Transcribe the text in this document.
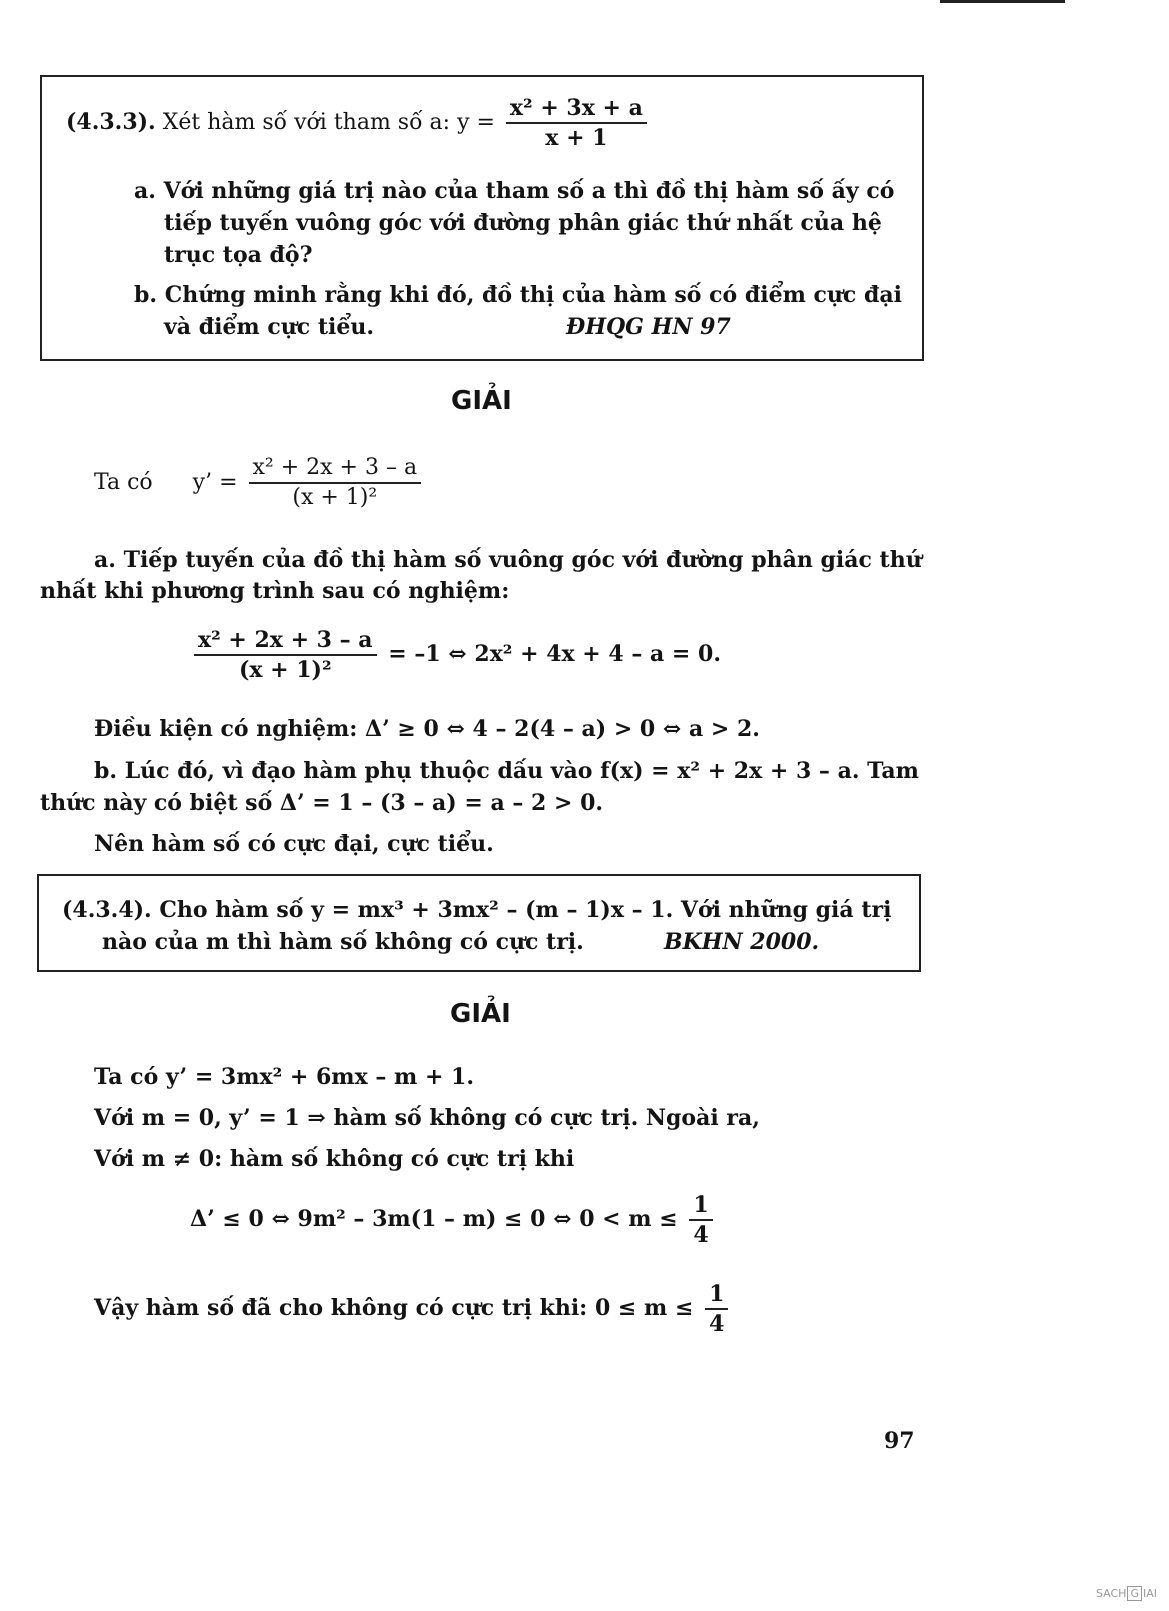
(4.3.3). Xét hàm số với tham số a: $y = \frac{\text{x² + 3x + a}}{x + 1}$
a. Với những giá trị nào của tham số a thì đồ thị hàm số ấy có
tiếp tuyến vuông góc với đường phân giác thứ nhất của hệ
trục tọa độ?
b. Chứng minh rằng khi đó, đồ thị của hàm số có điểm cực đại
và điểm cực tiểu.	ĐHQG HN 97
GIẢI
Ta có y’ = $\frac{\text{x² + 2x + 3 – a}}{\text{(x + 1)²}}$
a. Tiếp tuyến của đồ thị hàm số vuông góc với đường phân giác thứ
nhất khi phương trình sau có nghiệm:
$\frac{\text{x² + 2x + 3 – a}}{\text{(x + 1)²}} = -1$ ⇔ 2x² + 4x + 4 – a = 0.
Điều kiện có nghiệm: Δ’ ≥ 0 ⇔ 4 – 2(4 – a) > 0 ⇔ a > 2.
b. Lúc đó, vì đạo hàm phụ thuộc dấu vào f(x) = x² + 2x + 3 – a. Tam
thức này có biệt số Δ’ = 1 – (3 – a) = a – 2 > 0.
Nên hàm số có cực đại, cực tiểu.
(4.3.4). Cho hàm số y = mx³ + 3mx² – (m – 1)x – 1. Với những giá trị
nào của m thì hàm số không có cực trị.	BKHN 2000.
GIẢI
Ta có y’ = 3mx² + 6mx – m + 1.
Với m = 0, y’ = 1 ⇒ hàm số không có cực trị. Ngoài ra,
Với m ≠ 0: hàm số không có cực trị khi
Δ’ ≤ 0 ⇔ 9m² – 3m(1 – m) ≤ 0 ⇔ $0 < m \le \frac{1}{4}$
Vậy hàm số đã cho không có cực trị khi: $0 \le m \le \frac{1}{4}$
97
SACH G IAI
